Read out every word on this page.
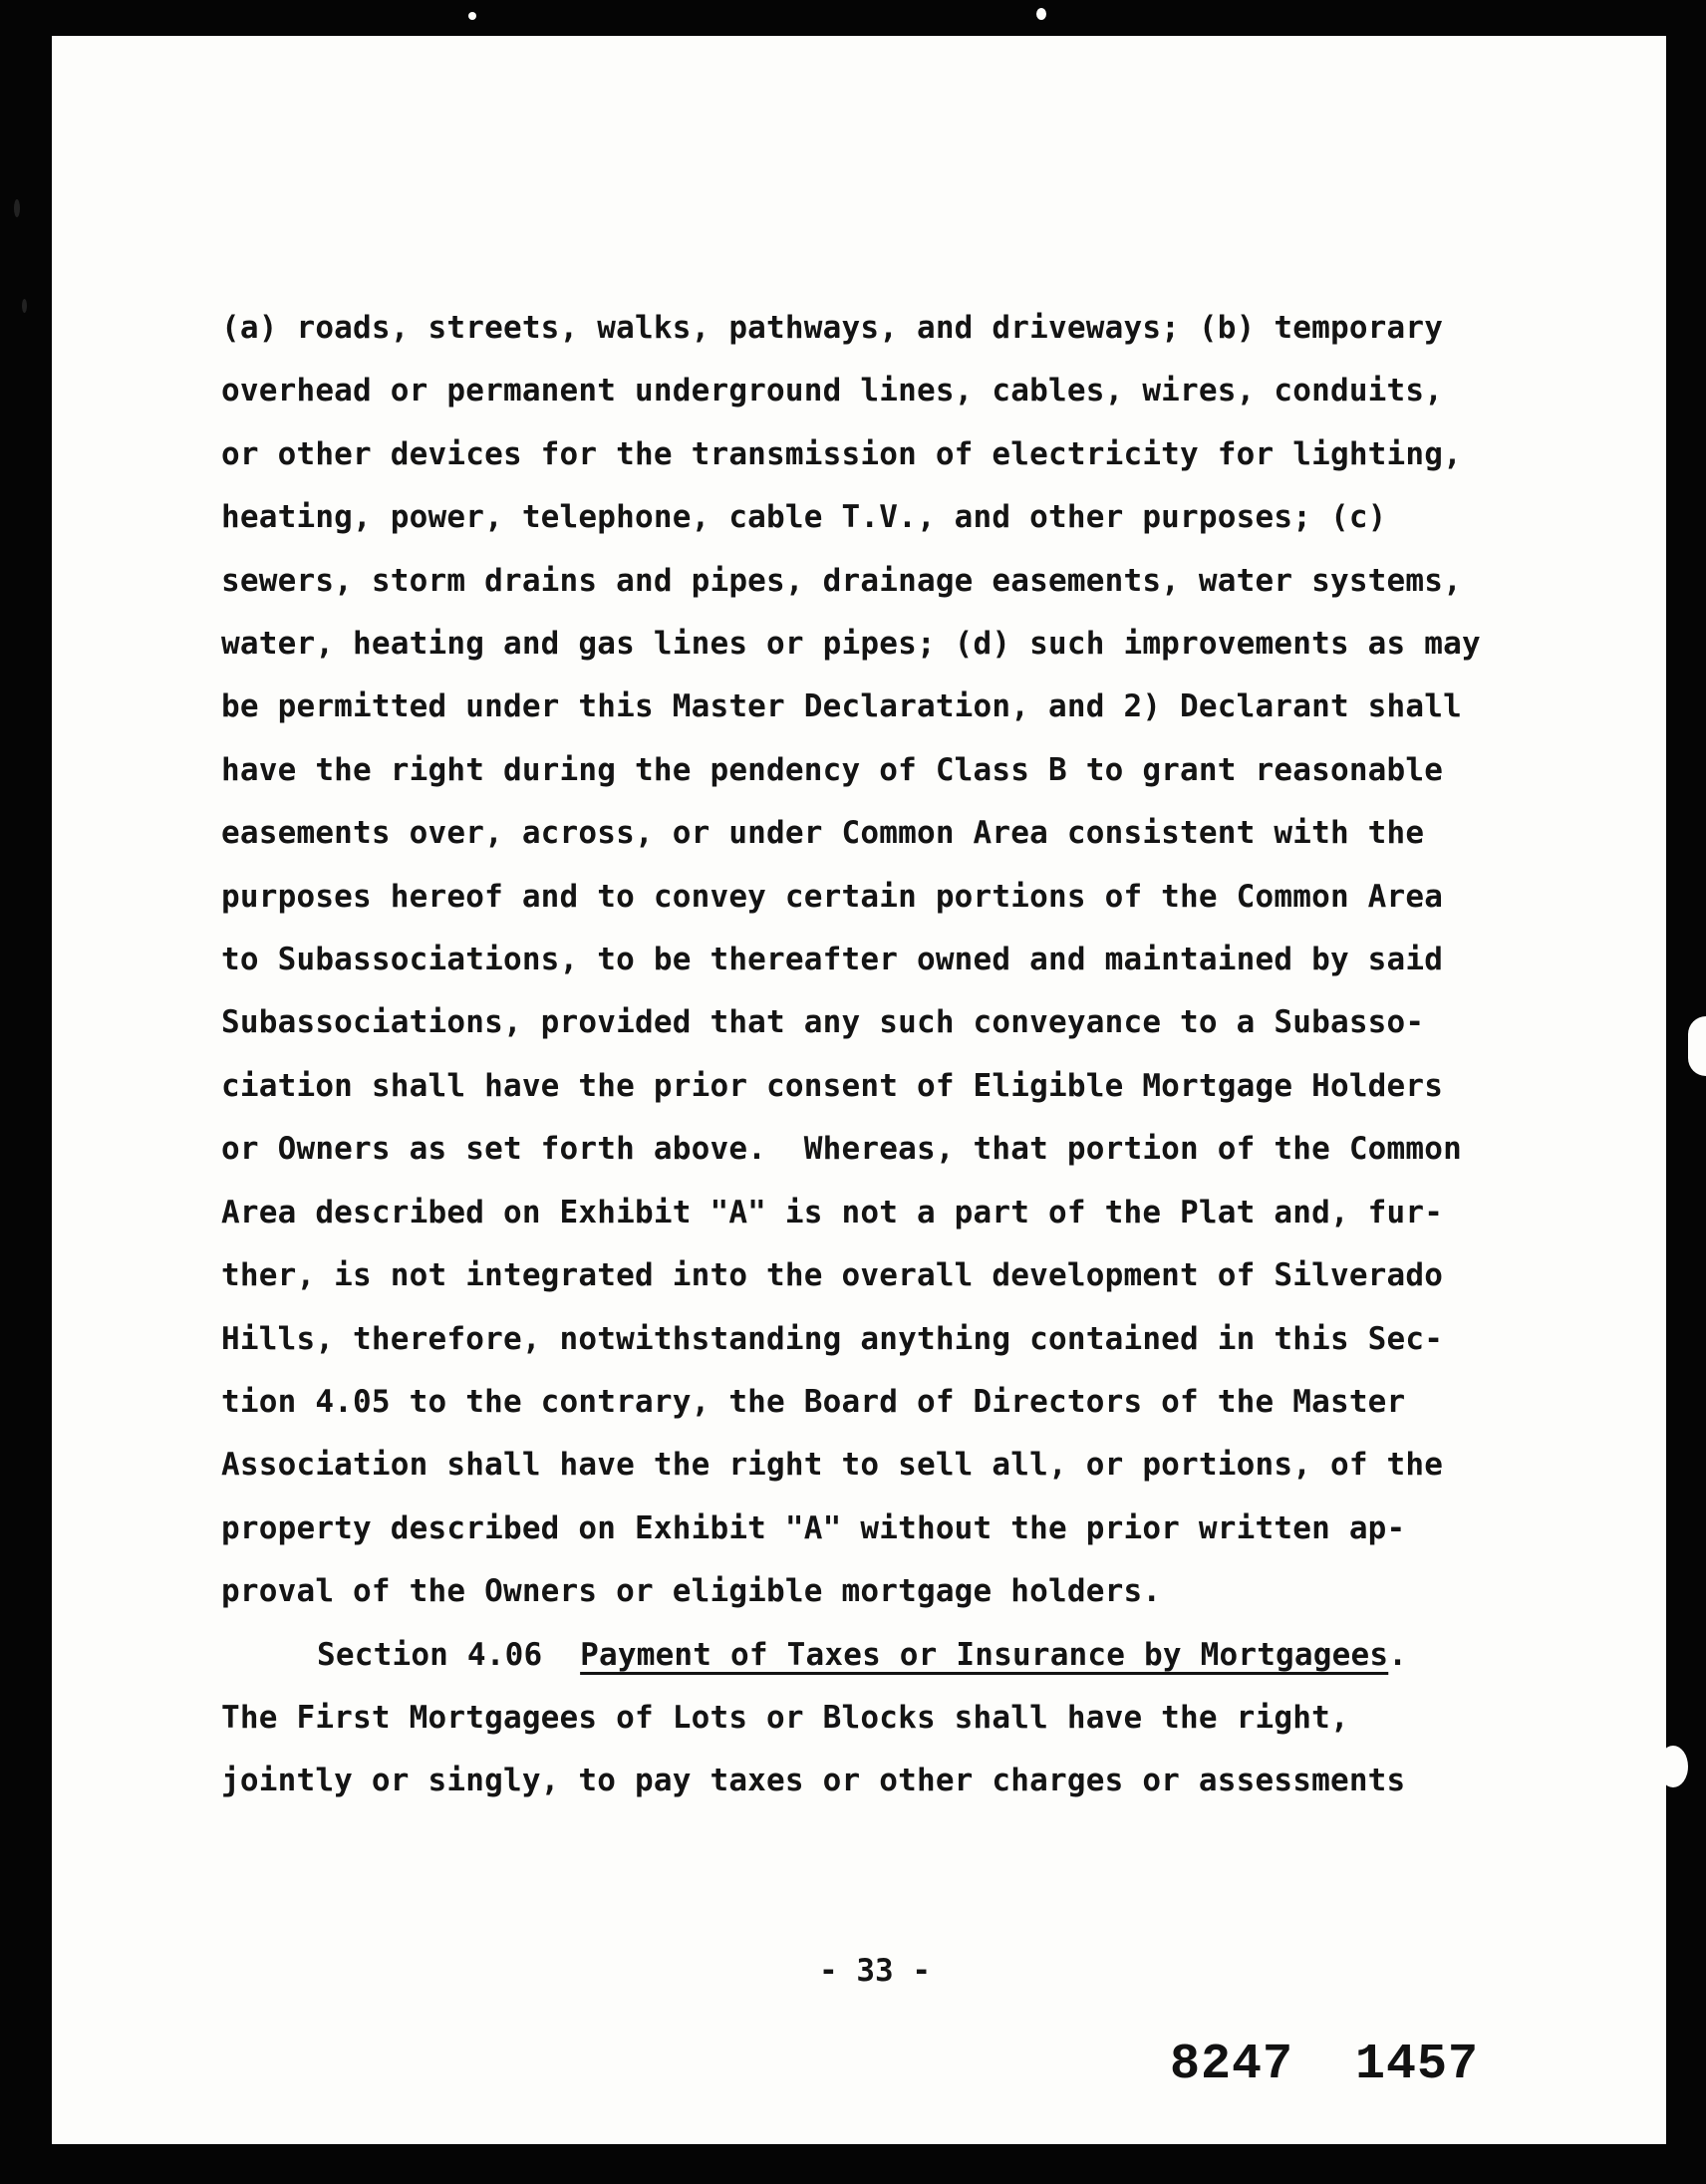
(a) roads, streets, walks, pathways, and driveways; (b) temporary
overhead or permanent underground lines, cables, wires, conduits,
or other devices for the transmission of electricity for lighting,
heating, power, telephone, cable T.V., and other purposes; (c)
sewers, storm drains and pipes, drainage easements, water systems,
water, heating and gas lines or pipes; (d) such improvements as may
be permitted under this Master Declaration, and 2) Declarant shall
have the right during the pendency of Class B to grant reasonable
easements over, across, or under Common Area consistent with the
purposes hereof and to convey certain portions of the Common Area
to Subassociations, to be thereafter owned and maintained by said
Subassociations, provided that any such conveyance to a Subasso-
ciation shall have the prior consent of Eligible Mortgage Holders
or Owners as set forth above.  Whereas, that portion of the Common
Area described on Exhibit "A" is not a part of the Plat and, fur-
ther, is not integrated into the overall development of Silverado
Hills, therefore, notwithstanding anything contained in this Sec-
tion 4.05 to the contrary, the Board of Directors of the Master
Association shall have the right to sell all, or portions, of the
property described on Exhibit "A" without the prior written ap-
proval of the Owners or eligible mortgage holders.
Section 4.06 Payment of Taxes or Insurance by Mortgagees.
The First Mortgagees of Lots or Blocks shall have the right,
jointly or singly, to pay taxes or other charges or assessments
- 33 -
8247  1457
